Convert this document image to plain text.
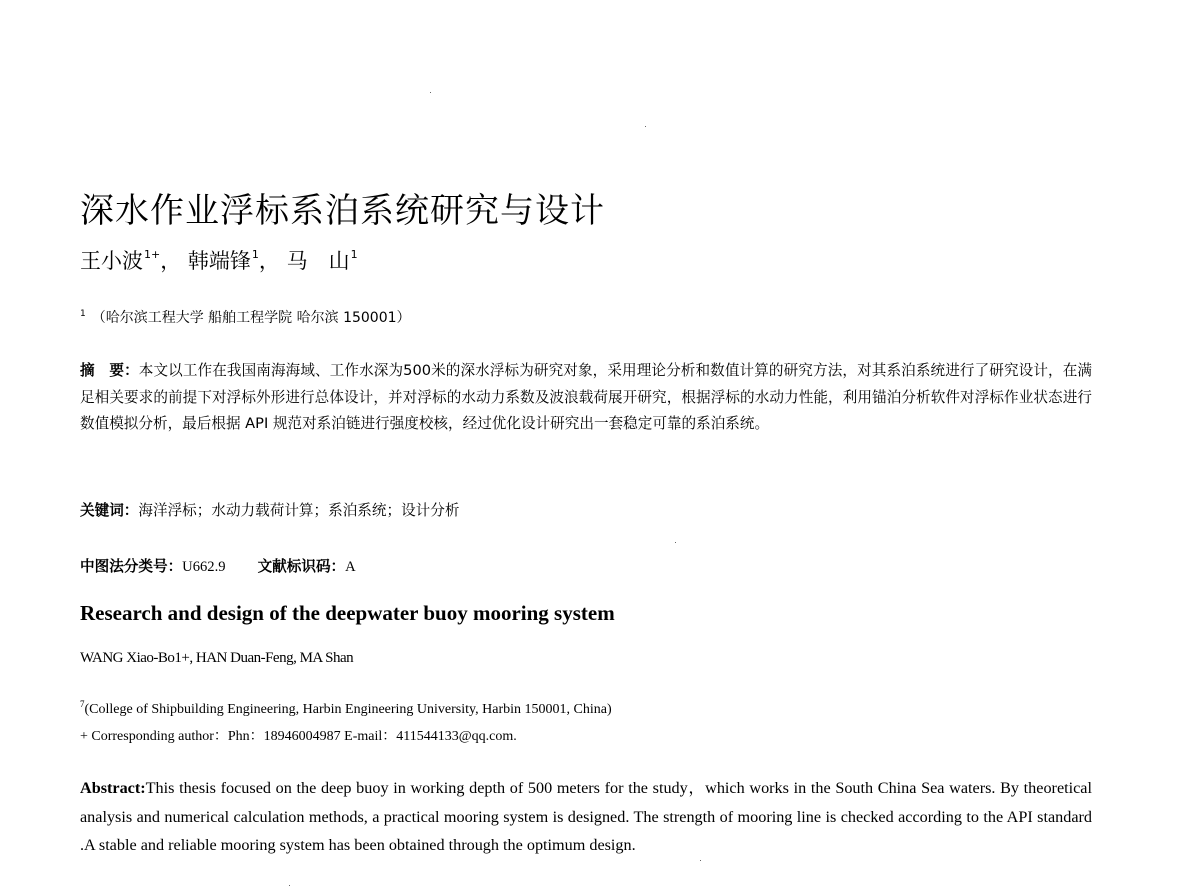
深水作业浮标系泊系统研究与设计
王小波$^{1+}$， 韩端锋$^1$， 马　山$^1$
$^1$ （哈尔滨工程大学 船舶工程学院 哈尔滨 150001）
摘　要：本文以工作在我国南海海域、工作水深为500米的深水浮标为研究对象，采用理论分析和数值计算的研究方法，对其系泊系统进行了研究设计，在满足相关要求的前提下对浮标外形进行总体设计，并对浮标的水动力系数及波浪载荷展开研究，根据浮标的水动力性能，利用锚泊分析软件对浮标作业状态进行数值模拟分析，最后根据 API 规范对系泊链进行强度校核，经过优化设计研究出一套稳定可靠的系泊系统。
关键词：海洋浮标；水动力载荷计算；系泊系统；设计分析
中图法分类号：U662.9 文献标识码：A
Research and design of the deepwater buoy mooring system
WANG Xiao-Bo1+, HAN Duan-Feng, MA Shan
$^7$(College of Shipbuilding Engineering, Harbin Engineering University, Harbin 150001, China)
+ Corresponding author：Phn：18946004987 E-mail：411544133@qq.com.
Abstract:This thesis focused on the deep buoy in working depth of 500 meters for the study，which works in the South China Sea waters. By theoretical analysis and numerical calculation methods, a practical mooring system is designed. The strength of mooring line is checked according to the API standard .A stable and reliable mooring system has been obtained through the optimum design.
